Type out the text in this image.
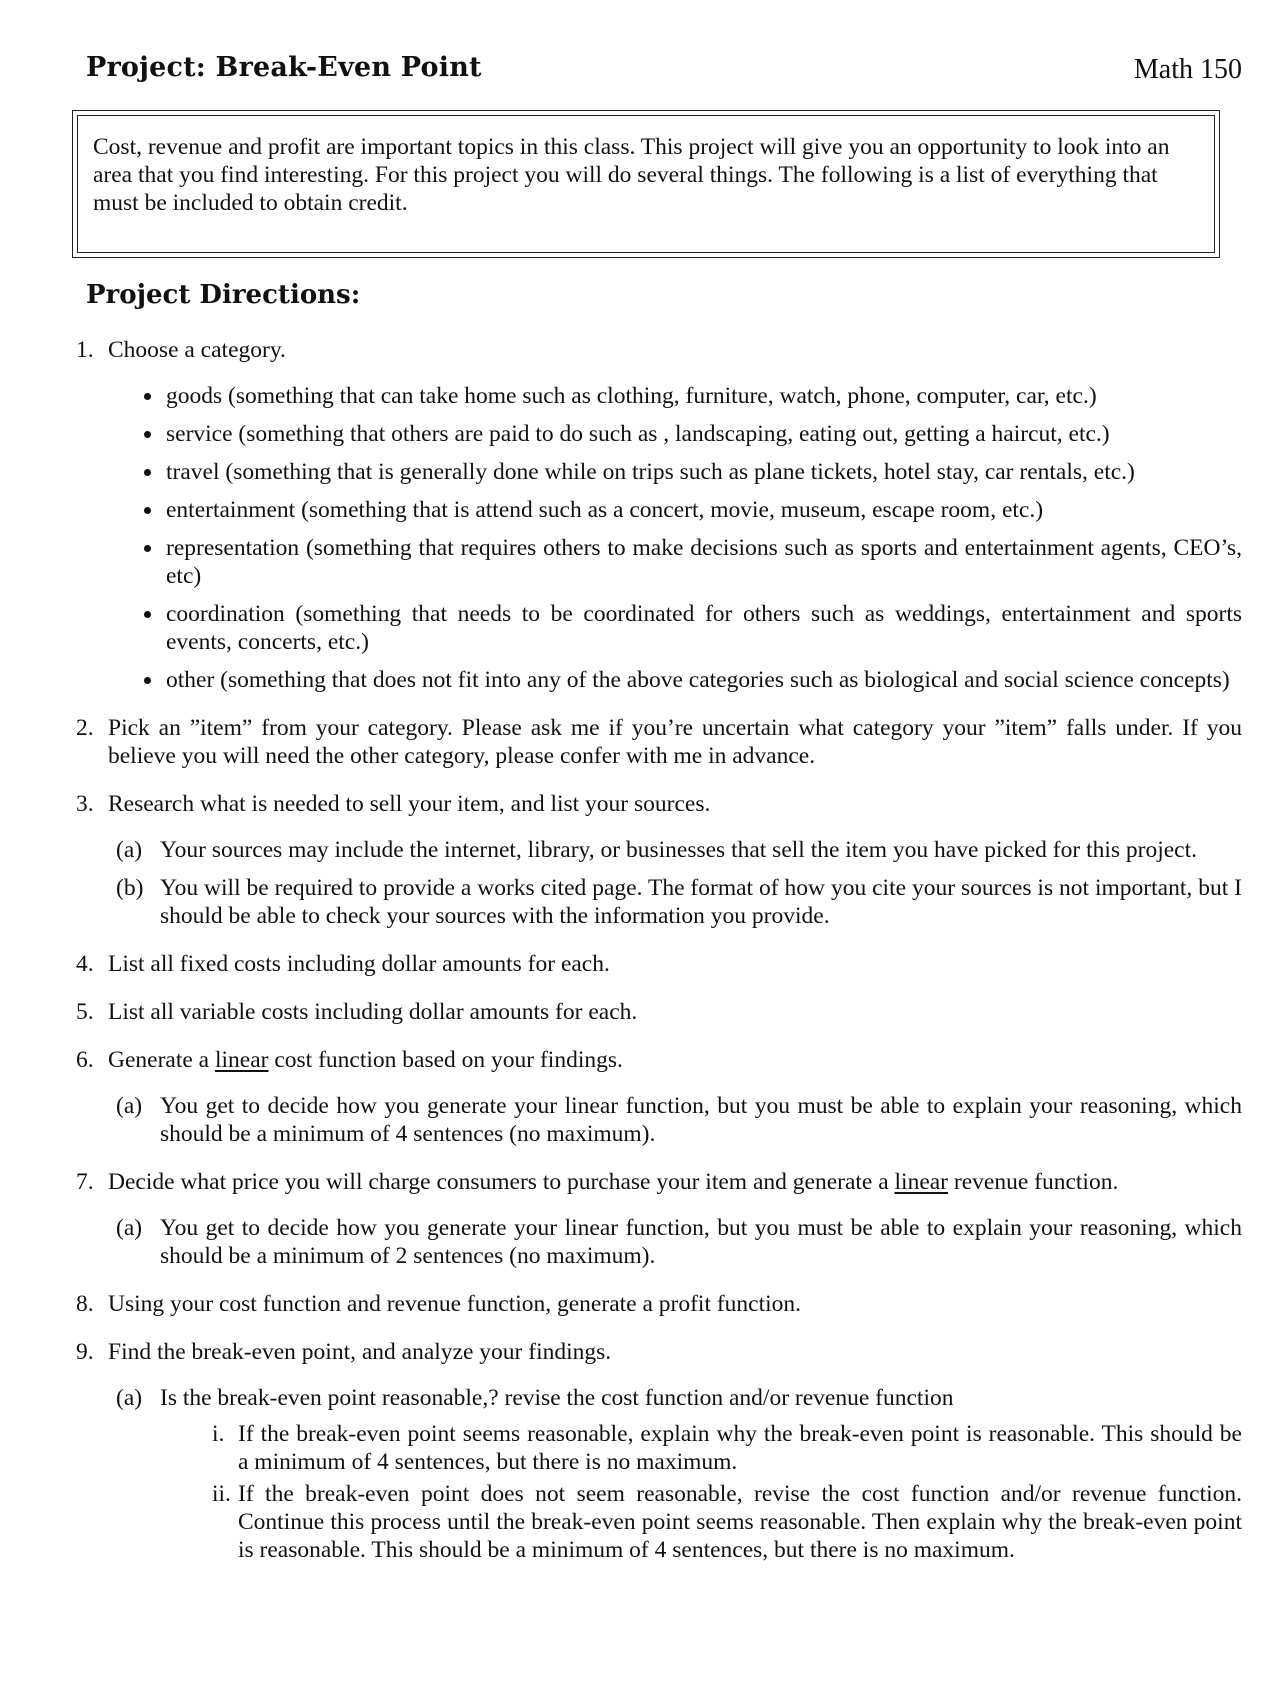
Project: Break-Even Point	Math 150
Cost, revenue and profit are important topics in this class. This project will give you an opportunity to look into an area that you find interesting. For this project you will do several things. The following is a list of everything that must be included to obtain credit.
Project Directions:
1. Choose a category.
goods (something that can take home such as clothing, furniture, watch, phone, computer, car, etc.)
service (something that others are paid to do such as , landscaping, eating out, getting a haircut, etc.)
travel (something that is generally done while on trips such as plane tickets, hotel stay, car rentals, etc.)
entertainment (something that is attend such as a concert, movie, museum, escape room, etc.)
representation (something that requires others to make decisions such as sports and entertainment agents, CEO’s, etc)
coordination (something that needs to be coordinated for others such as weddings, entertainment and sports events, concerts, etc.)
other (something that does not fit into any of the above categories such as biological and social science concepts)
2. Pick an ”item” from your category. Please ask me if you’re uncertain what category your ”item” falls under. If you believe you will need the other category, please confer with me in advance.
3. Research what is needed to sell your item, and list your sources.
(a) Your sources may include the internet, library, or businesses that sell the item you have picked for this project.
(b) You will be required to provide a works cited page. The format of how you cite your sources is not important, but I should be able to check your sources with the information you provide.
4. List all fixed costs including dollar amounts for each.
5. List all variable costs including dollar amounts for each.
6. Generate a linear cost function based on your findings.
(a) You get to decide how you generate your linear function, but you must be able to explain your reasoning, which should be a minimum of 4 sentences (no maximum).
7. Decide what price you will charge consumers to purchase your item and generate a linear revenue function.
(a) You get to decide how you generate your linear function, but you must be able to explain your reasoning, which should be a minimum of 2 sentences (no maximum).
8. Using your cost function and revenue function, generate a profit function.
9. Find the break-even point, and analyze your findings.
(a) Is the break-even point reasonable,? revise the cost function and/or revenue function
i. If the break-even point seems reasonable, explain why the break-even point is reasonable. This should be a minimum of 4 sentences, but there is no maximum.
ii. If the break-even point does not seem reasonable, revise the cost function and/or revenue function. Continue this process until the break-even point seems reasonable. Then explain why the break-even point is reasonable. This should be a minimum of 4 sentences, but there is no maximum.
